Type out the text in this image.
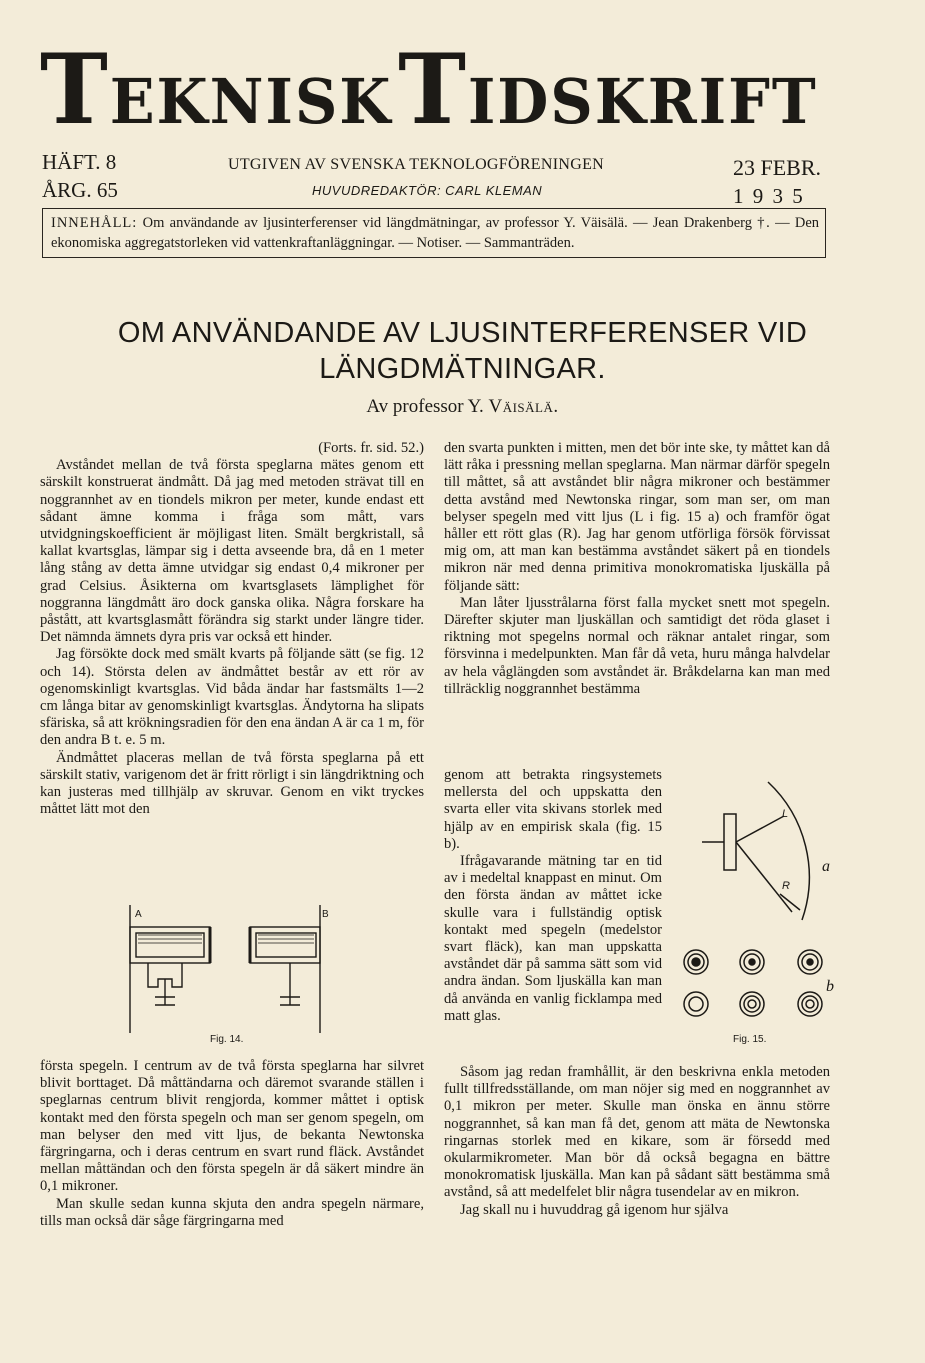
TEKNISKTIDSKRIFT
HÄFT. 8
ÅRG. 65
UTGIVEN AV SVENSKA TEKNOLOGFÖRENINGEN
HUVUDREDAKTÖR: CARL KLEMAN
23 FEBR.
1 9 3 5
INNEHÅLL: Om användande av ljusinterferenser vid längdmätningar, av professor Y. Väisälä. — Jean Drakenberg †. — Den ekonomiska aggregatstorleken vid vattenkraftanläggningar. — Notiser. — Sammanträden.
OM ANVÄNDANDE AV LJUSINTERFERENSER VID
LÄNGDMÄTNINGAR.
Av professor Y. Väisälä.

(Forts. fr. sid. 52.)

Avståndet mellan de två första speglarna mätes genom ett särskilt konstruerat ändmått. Då jag med metoden strävat till en noggrannhet av en tiondels mikron per meter, kunde endast ett sådant ämne komma i fråga som mått, vars utvidgningskoefficient är möjligast liten. Smält bergkristall, så kallat kvartsglas, lämpar sig i detta avseende bra, då en 1 meter lång stång av detta ämne utvidgar sig endast 0,4 mikroner per grad Celsius. Åsikterna om kvartsglasets lämplighet för noggranna längdmått äro dock ganska olika. Några forskare ha påstått, att kvartsglasmått förändra sig starkt under längre tider. Det nämnda ämnets dyra pris var också ett hinder.

Jag försökte dock med smält kvarts på följande sätt (se fig. 12 och 14). Största delen av ändmåttet består av ett rör av ogenomskinligt kvartsglas. Vid båda ändar har fastsmälts 1—2 cm långa bitar av genomskinligt kvartsglas. Ändytorna ha slipats sfäriska, så att krökningsradien för den ena ändan A är ca 1 m, för den andra B t. e. 5 m.

Ändmåttet placeras mellan de två första speglarna på ett särskilt stativ, varigenom det är fritt rörligt i sin längdriktning och kan justeras med tillhjälp av skruvar. Genom en vikt tryckes måttet lätt mot den

A	B
Fig. 14.

första spegeln. I centrum av de två första speglarna har silvret blivit borttaget. Då måttändarna och däremot svarande ställen i speglarnas centrum blivit rengjorda, kommer måttet i optisk kontakt med den första spegeln och man ser genom spegeln, om man belyser den med vitt ljus, de bekanta Newtonska färgringarna, och i deras centrum en svart rund fläck. Avståndet mellan måttändan och den första spegeln är då säkert mindre än 0,1 mikroner.

Man skulle sedan kunna skjuta den andra spegeln närmare, tills man också där såge färgringarna med

den svarta punkten i mitten, men det bör inte ske, ty måttet kan då lätt råka i pressning mellan speglarna. Man närmar därför spegeln till måttet, så att avståndet blir några mikroner och bestämmer detta avstånd med Newtonska ringar, som man ser, om man belyser spegeln med vitt ljus (L i fig. 15 a) och framför ögat håller ett rött glas (R). Jag har genom utförliga försök förvissat mig om, att man kan bestämma avståndet säkert på en tiondels mikron när med denna primitiva monokromatiska ljuskälla på följande sätt:

Man låter ljusstrålarna först falla mycket snett mot spegeln. Därefter skjuter man ljuskällan och samtidigt det röda glaset i riktning mot spegelns normal och räknar antalet ringar, som försvinna i medelpunkten. Man får då veta, huru många halvdelar av hela våglängden som avståndet är. Bråkdelarna kan man med tillräcklig noggrannhet bestämma

genom att betrakta ringsystemets mellersta del och uppskatta den svarta eller vita skivans storlek med hjälp av en empirisk skala (fig. 15 b).

Ifrågavarande mätning tar en tid av i medeltal knappast en minut. Om den första ändan av måttet icke skulle vara i fullständig optisk kontakt med spegeln (medelstor svart fläck), kan man uppskatta avståndet där på samma sätt som vid andra ändan. Som ljuskälla kan man då använda en vanlig ficklampa med matt glas.

L
R
a
b
Fig. 15.

Såsom jag redan framhållit, är den beskrivna enkla metoden fullt tillfredsställande, om man nöjer sig med en noggrannhet av 0,1 mikron per meter. Skulle man önska en ännu större noggrannhet, så kan man få det, genom att mäta de Newtonska ringarnas storlek med en kikare, som är försedd med okularmikrometer. Man bör då också begagna en bättre monokromatisk ljuskälla. Man kan på sådant sätt bestämma små avstånd, så att medelfelet blir några tusendelar av en mikron.

Jag skall nu i huvuddrag gå igenom hur själva
